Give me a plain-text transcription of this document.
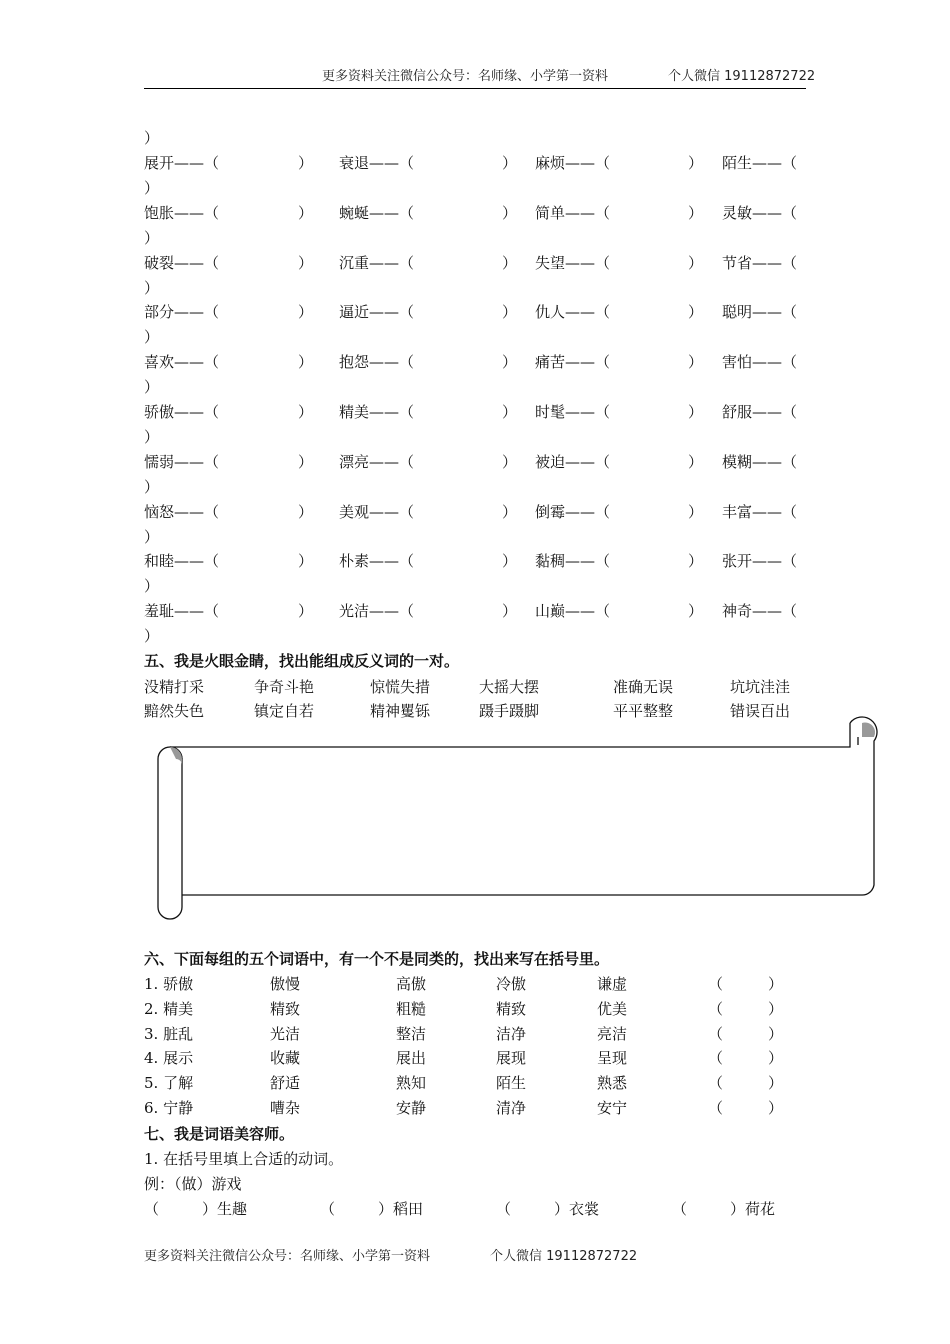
更多资料关注微信公众号：名师缘、小学第一资料	个人微信 19112872722
）
展开——（	） 衰退——（	） 麻烦——（	） 陌生——（
）
饱胀——（	） 蜿蜒——（	） 简单——（	） 灵敏——（
）
破裂——（	） 沉重——（	） 失望——（	） 节省——（
）
部分——（	） 逼近——（	） 仇人——（	） 聪明——（
）
喜欢——（	） 抱怨——（	） 痛苦——（	） 害怕——（
）
骄傲——（	） 精美——（	） 时髦——（	） 舒服——（
）
懦弱——（	） 漂亮——（	） 被迫——（	） 模糊——（
）
恼怒——（	） 美观——（	） 倒霉——（	） 丰富——（
）
和睦——（	） 朴素——（	） 黏稠——（	） 张开——（
）
羞耻——（	） 光洁——（	） 山巅——（	） 神奇——（
）
五、我是火眼金睛，找出能组成反义词的一对。
没精打采	争奇斗艳	惊慌失措	大摇大摆	准确无误	坑坑洼洼
黯然失色	镇定自若	精神矍铄	蹑手蹑脚	平平整整	错误百出
六、下面每组的五个词语中，有一个不是同类的，找出来写在括号里。
1. 骄傲	傲慢	高傲	冷傲	谦虚	（	）
2. 精美	精致	粗糙	精致	优美	（	）
3. 脏乱	光洁	整洁	洁净	亮洁	（	）
4. 展示	收藏	展出	展现	呈现	（	）
5. 了解	舒适	熟知	陌生	熟悉	（	）
6. 宁静	嘈杂	安静	清净	安宁	（	）
七、我是词语美容师。
1. 在括号里填上合适的动词。
例：（做）游戏
（	）生趣	（	）稻田	（	）衣裳	（	）荷花
更多资料关注微信公众号：名师缘、小学第一资料	个人微信 19112872722
